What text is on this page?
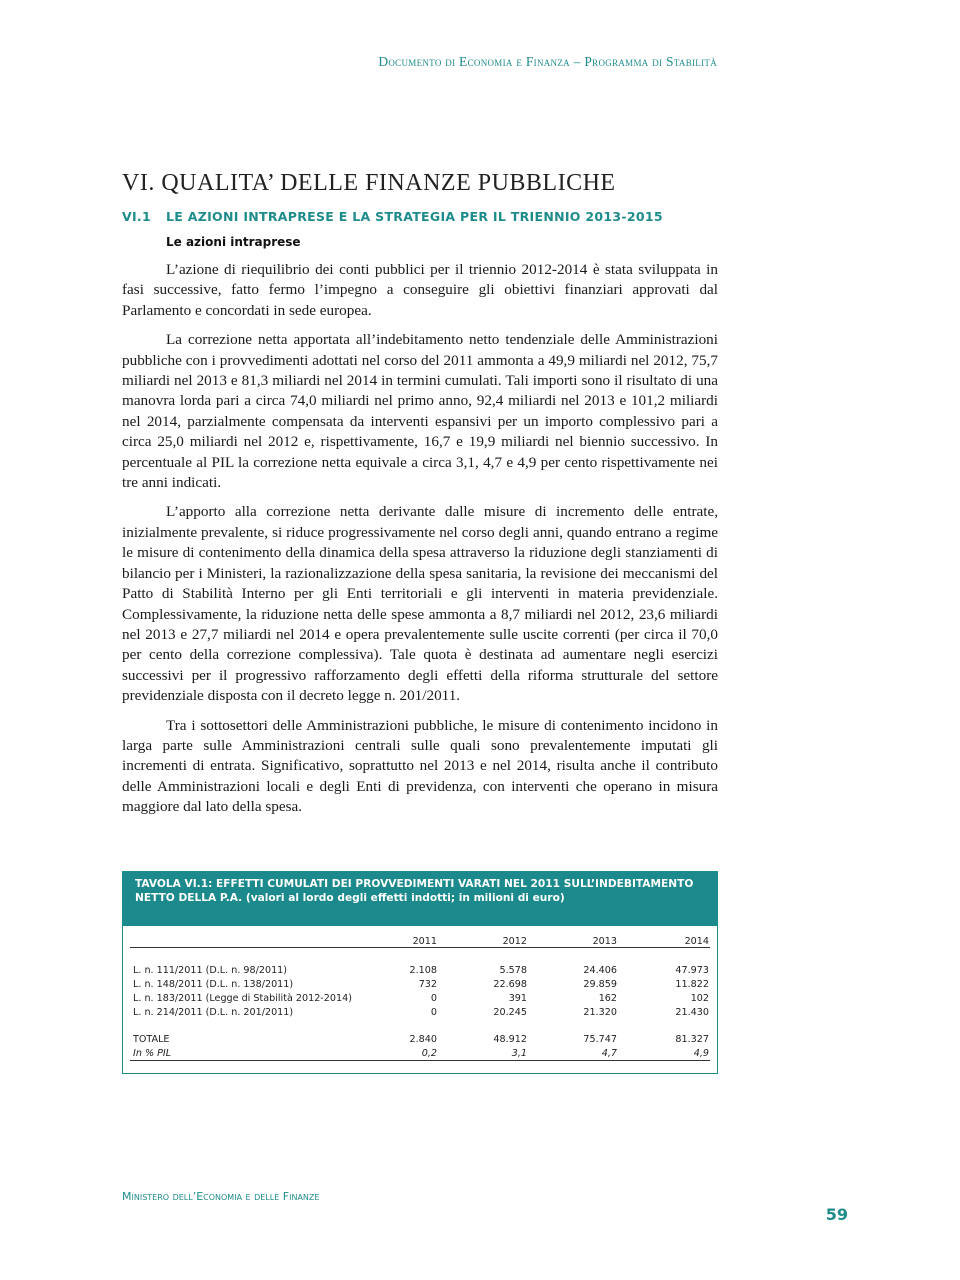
Documento di Economia e Finanza – Programma di Stabilità
VI. QUALITA’ DELLE FINANZE PUBBLICHE
VI.1 LE AZIONI INTRAPRESE E LA STRATEGIA PER IL TRIENNIO 2013-2015
Le azioni intraprese

L’azione di riequilibrio dei conti pubblici per il triennio 2012-2014 è stata sviluppata in fasi successive, fatto fermo l’impegno a conseguire gli obiettivi finanziari approvati dal Parlamento e concordati in sede europea.

La correzione netta apportata all’indebitamento netto tendenziale delle Amministrazioni pubbliche con i provvedimenti adottati nel corso del 2011 ammonta a 49,9 miliardi nel 2012, 75,7 miliardi nel 2013 e 81,3 miliardi nel 2014 in termini cumulati. Tali importi sono il risultato di una manovra lorda pari a circa 74,0 miliardi nel primo anno, 92,4 miliardi nel 2013 e 101,2 miliardi nel 2014, parzialmente compensata da interventi espansivi per un importo complessivo pari a circa 25,0 miliardi nel 2012 e, rispettivamente, 16,7 e 19,9 miliardi nel biennio successivo. In percentuale al PIL la correzione netta equivale a circa 3,1, 4,7 e 4,9 per cento rispettivamente nei tre anni indicati.

L’apporto alla correzione netta derivante dalle misure di incremento delle entrate, inizialmente prevalente, si riduce progressivamente nel corso degli anni, quando entrano a regime le misure di contenimento della dinamica della spesa attraverso la riduzione degli stanziamenti di bilancio per i Ministeri, la razionalizzazione della spesa sanitaria, la revisione dei meccanismi del Patto di Stabilità Interno per gli Enti territoriali e gli interventi in materia previdenziale. Complessivamente, la riduzione netta delle spese ammonta a 8,7 miliardi nel 2012, 23,6 miliardi nel 2013 e 27,7 miliardi nel 2014 e opera prevalentemente sulle uscite correnti (per circa il 70,0 per cento della correzione complessiva). Tale quota è destinata ad aumentare negli esercizi successivi per il progressivo rafforzamento degli effetti della riforma strutturale del settore previdenziale disposta con il decreto legge n. 201/2011.

Tra i sottosettori delle Amministrazioni pubbliche, le misure di contenimento incidono in larga parte sulle Amministrazioni centrali sulle quali sono prevalentemente imputati gli incrementi di entrata. Significativo, soprattutto nel 2013 e nel 2014, risulta anche il contributo delle Amministrazioni locali e degli Enti di previdenza, con interventi che operano in misura maggiore dal lato della spesa.

TAVOLA VI.1: EFFETTI CUMULATI DEI PROVVEDIMENTI VARATI NEL 2011 SULL’INDEBITAMENTO NETTO DELLA P.A. (valori al lordo degli effetti indotti; in milioni di euro)
2011	2012	2013	2014
L. n. 111/2011 (D.L. n. 98/2011)	2.108	5.578	24.406	47.973
L. n. 148/2011 (D.L. n. 138/2011)	732	22.698	29.859	11.822
L. n. 183/2011 (Legge di Stabilità 2012-2014)	0	391	162	102
L. n. 214/2011 (D.L. n. 201/2011)	0	20.245	21.320	21.430
TOTALE	2.840	48.912	75.747	81.327
In % PIL	0,2	3,1	4,7	4,9
Ministero dell’Economia e delle Finanze
59
